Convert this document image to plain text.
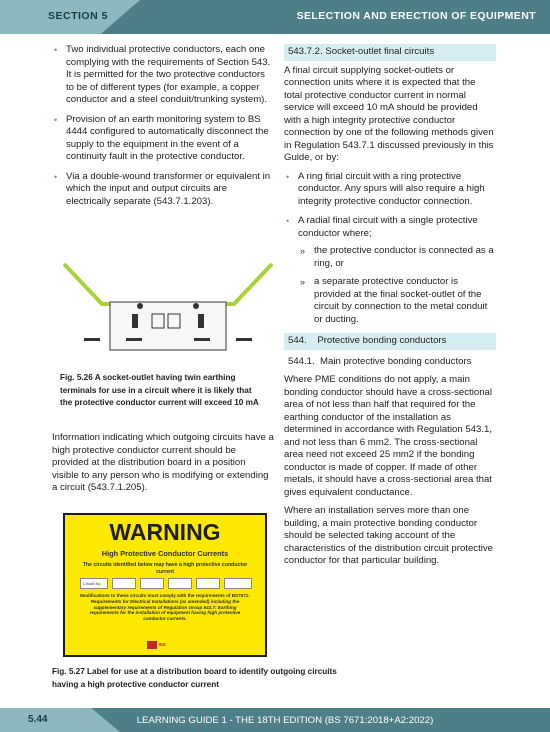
SECTION 5	SELECTION AND ERECTION OF EQUIPMENT
• Two individual protective conductors, each one complying with the requirements of Section 543. It is permitted for the two protective conductors to be of different types (for example, a copper conductor and a steel conduit/trunking system).
• Provision of an earth monitoring system to BS 4444 configured to automatically disconnect the supply to the equipment in the event of a continuity fault in the protective conductor.
• Via a double-wound transformer or equivalent in which the input and output circuits are electrically separate (543.7.1.203).
Fig. 5.26 A socket-outlet having twin earthing terminals for use in a circuit where it is likely that the protective conductor current will exceed 10 mA
Information indicating which outgoing circuits have a high protective conductor current should be provided at the distribution board in a position visible to any person who is modifying or extending a circuit (543.7.1.205).
WARNING
High Protective Conductor Currents
The circuits identified below may have a high protective conductor current
Circuit No
Modifications to these circuits must comply with the requirements of BS7671: Requirements for Electrical Installations (as amended) including the supplementary requirements of Regulation Group 543.7: Earthing requirements for the installation of equipment having high protective conductor currents.
IEE
Fig. 5.27 Label for use at a distribution board to identify outgoing circuits having a high protective conductor current

543.7.2. Socket-outlet final circuits

A final circuit supplying socket-outlets or connection units where it is expected that the total protective conductor current in normal service will exceed 10 mA should be provided with a high integrity protective conductor connection by one of the following methods given in Regulation 543.7.1 discussed previously in this Guide, or by:

• A ring final circuit with a ring protective conductor. Any spurs will also require a high integrity protective conductor connection.
• A radial final circuit with a single protective conductor where;
» the protective conductor is connected as a ring, or
» a separate protective conductor is provided at the final socket-outlet of the circuit by connection to the metal conduit or ducting.

544.    Protective bonding conductors

544.1.  Main protective bonding conductors

Where PME conditions do not apply, a main bonding conductor should have a cross-sectional area of not less than half that required for the earthing conductor of the installation as determined in accordance with Regulation 543.1, and not less than 6 mm2. The cross-sectional area need not exceed 25 mm2 if the bonding conductor is made of copper. If made of other metals, it should have a cross-sectional area that gives equivalent conductance.

Where an installation serves more than one building, a main protective bonding conductor should be selected taking account of the characteristics of the distribution circuit protective conductor for that particular building.

5.44	LEARNING GUIDE 1 - THE 18TH EDITION (BS 7671:2018+A2:2022)
